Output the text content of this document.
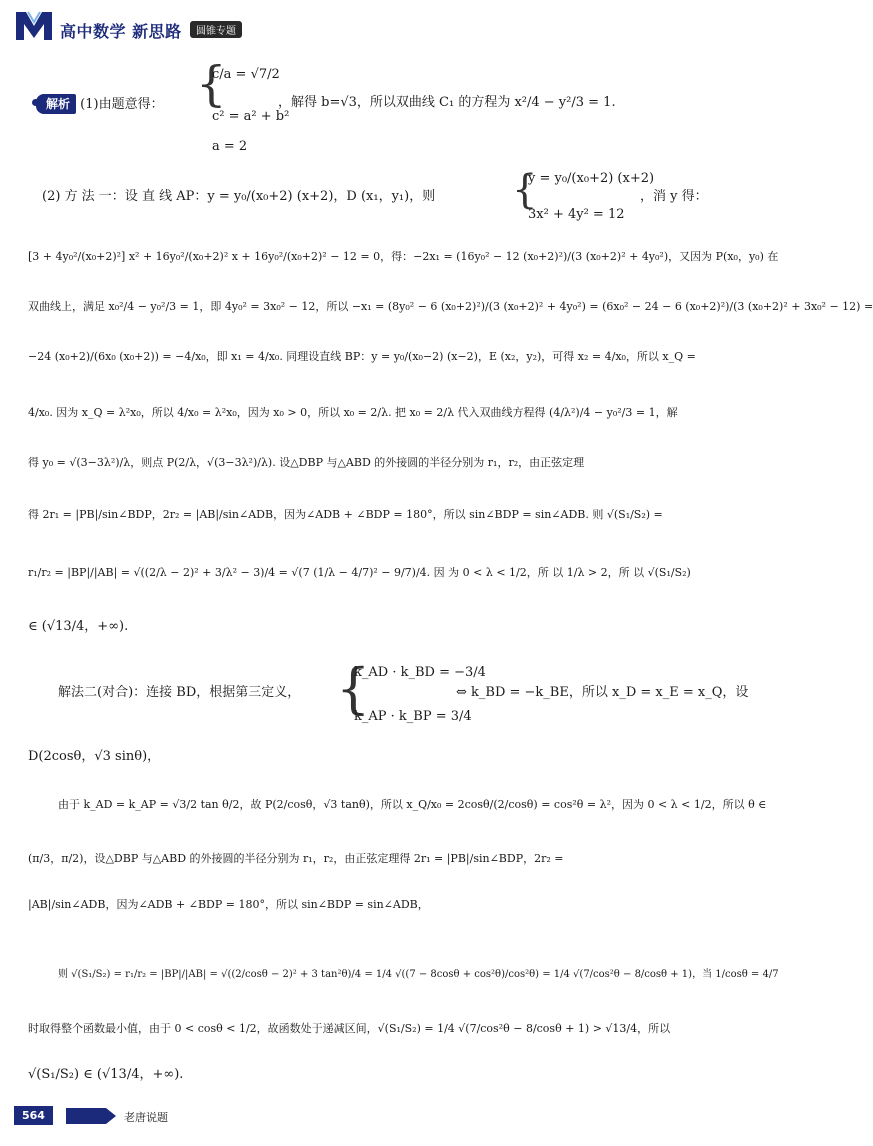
高中数学 新思路	圆锥专题
解析 (1)由题意得： {
c/a = √7/2
c² = a² + b²
a = 2
，解得 b=√3，所以双曲线 C₁ 的方程为 x²/4 − y²/3 = 1.
(2) 方 法 一：设 直 线 AP：y = y₀/(x₀+2) (x+2)，D (x₁，y₁)，则 {
y = y₀/(x₀+2) (x+2)
3x² + 4y² = 12
，消 y 得：
[3 + 4y₀²/(x₀+2)²] x² + 16y₀²/(x₀+2)² x + 16y₀²/(x₀+2)² − 12 = 0，得：−2x₁ = (16y₀² − 12 (x₀+2)²)/(3 (x₀+2)² + 4y₀²)，又因为 P(x₀，y₀) 在
双曲线上，满足 x₀²/4 − y₀²/3 = 1，即 4y₀² = 3x₀² − 12，所以 −x₁ = (8y₀² − 6 (x₀+2)²)/(3 (x₀+2)² + 4y₀²) = (6x₀² − 24 − 6 (x₀+2)²)/(3 (x₀+2)² + 3x₀² − 12) =
−24 (x₀+2)/(6x₀ (x₀+2)) = −4/x₀，即 x₁ = 4/x₀. 同理设直线 BP：y = y₀/(x₀−2) (x−2)，E (x₂，y₂)，可得 x₂ = 4/x₀，所以 x_Q =
4/x₀. 因为 x_Q = λ²x₀，所以 4/x₀ = λ²x₀，因为 x₀ > 0，所以 x₀ = 2/λ. 把 x₀ = 2/λ 代入双曲线方程得 (4/λ²)/4 − y₀²/3 = 1，解
得 y₀ = √(3−3λ²)/λ，则点 P(2/λ，√(3−3λ²)/λ). 设△DBP 与△ABD 的外接圆的半径分别为 r₁，r₂，由正弦定理
得 2r₁ = |PB|/sin∠BDP，2r₂ = |AB|/sin∠ADB，因为∠ADB + ∠BDP = 180°，所以 sin∠BDP = sin∠ADB. 则 √(S₁/S₂) =
r₁/r₂ = |BP|/|AB| = √((2/λ − 2)² + 3/λ² − 3)/4 = √(7 (1/λ − 4/7)² − 9/7)/4. 因 为 0 < λ < 1/2，所 以 1/λ > 2，所 以 √(S₁/S₂)
∈ (√13/4，+∞).
解法二(对合)：连接 BD，根据第三定义， {
k_AD · k_BD = −3/4
k_AP · k_BP = 3/4
⇔ k_BD = −k_BE，所以 x_D = x_E = x_Q，设
D(2cosθ，√3 sinθ)，
由于 k_AD = k_AP = √3/2 tan θ/2，故 P(2/cosθ，√3 tanθ)，所以 x_Q/x₀ = 2cosθ/(2/cosθ) = cos²θ = λ²，因为 0 < λ < 1/2，所以 θ ∈
(π/3，π/2)，设△DBP 与△ABD 的外接圆的半径分别为 r₁，r₂，由正弦定理得 2r₁ = |PB|/sin∠BDP，2r₂ =
|AB|/sin∠ADB，因为∠ADB + ∠BDP = 180°，所以 sin∠BDP = sin∠ADB，
则 √(S₁/S₂) = r₁/r₂ = |BP|/|AB| = √((2/cosθ − 2)² + 3 tan²θ)/4 = 1/4 √((7 − 8cosθ + cos²θ)/cos²θ) = 1/4 √(7/cos²θ − 8/cosθ + 1)，当 1/cosθ = 4/7
时取得整个函数最小值，由于 0 < cosθ < 1/2，故函数处于递减区间，√(S₁/S₂) = 1/4 √(7/cos²θ − 8/cosθ + 1) > √13/4，所以
√(S₁/S₂) ∈ (√13/4，+∞).
564	老唐说题
